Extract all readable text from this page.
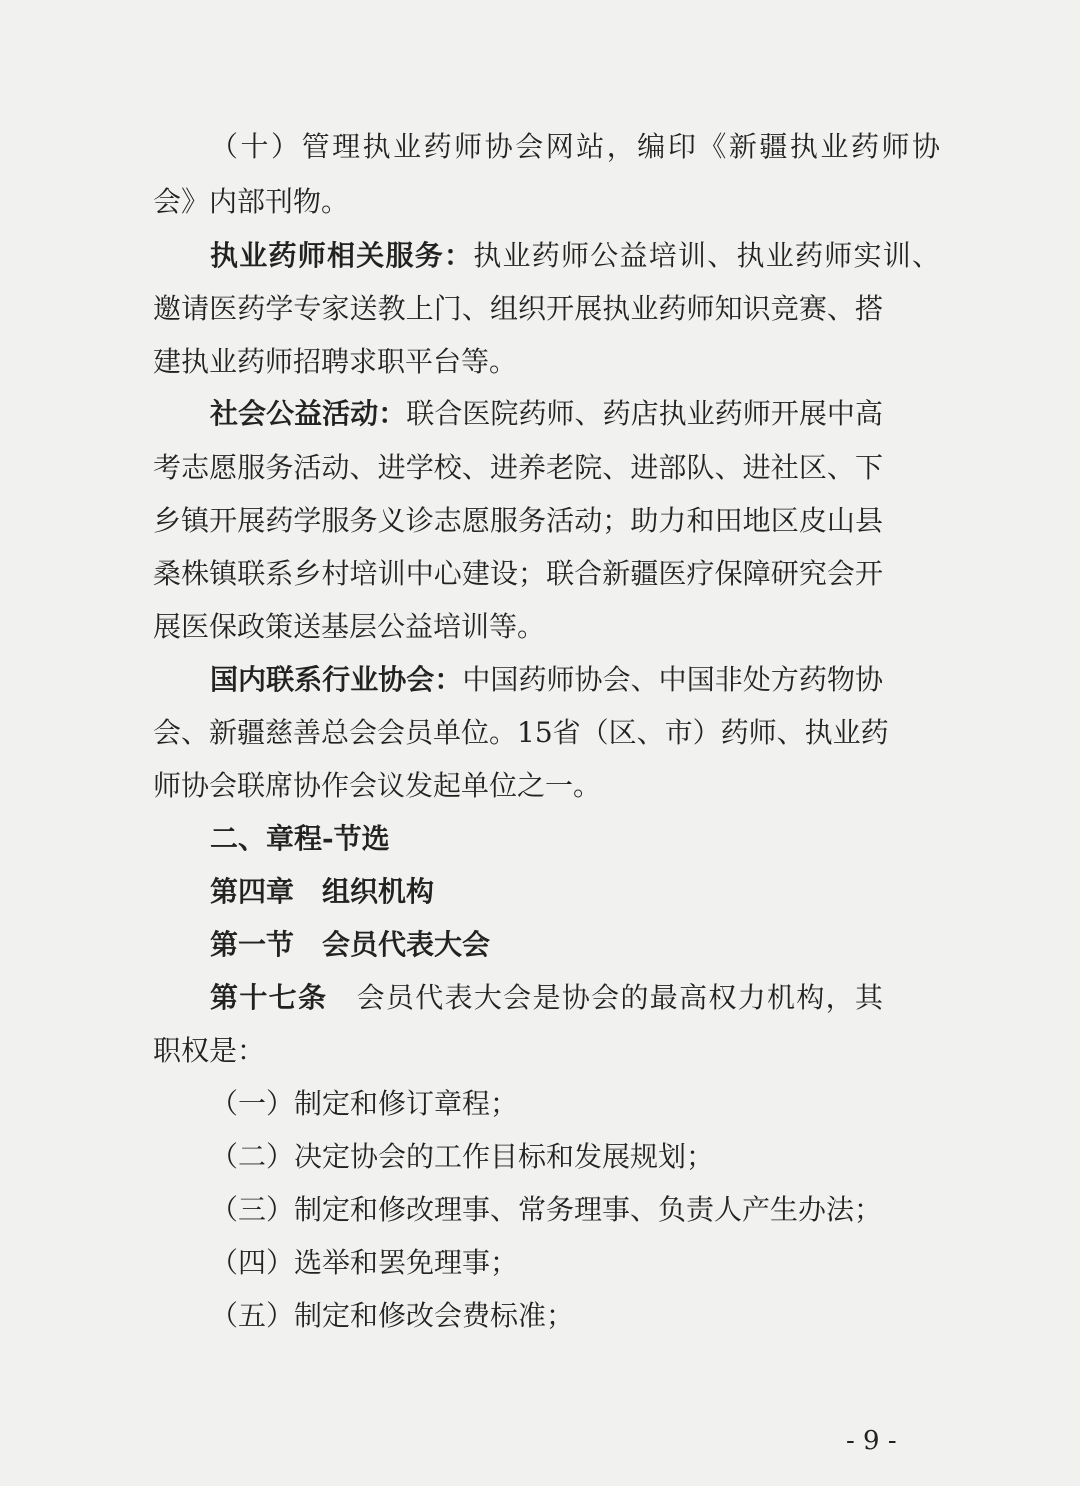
（十）管理执业药师协会网站，编印《新疆执业药师协
会》内部刊物。
执业药师相关服务：执业药师公益培训、执业药师实训、
邀请医药学专家送教上门、组织开展执业药师知识竞赛、搭
建执业药师招聘求职平台等。
社会公益活动：联合医院药师、药店执业药师开展中高
考志愿服务活动、进学校、进养老院、进部队、进社区、下
乡镇开展药学服务义诊志愿服务活动；助力和田地区皮山县
桑株镇联系乡村培训中心建设；联合新疆医疗保障研究会开
展医保政策送基层公益培训等。
国内联系行业协会：中国药师协会、中国非处方药物协
会、新疆慈善总会会员单位。15省（区、市）药师、执业药
师协会联席协作会议发起单位之一。
二、章程-节选
第四章　组织机构
第一节　会员代表大会
第十七条　会员代表大会是协会的最高权力机构，其
职权是：
（一）制定和修订章程；
（二）决定协会的工作目标和发展规划；
（三）制定和修改理事、常务理事、负责人产生办法；
（四）选举和罢免理事；
（五）制定和修改会费标准；
- 9 -
